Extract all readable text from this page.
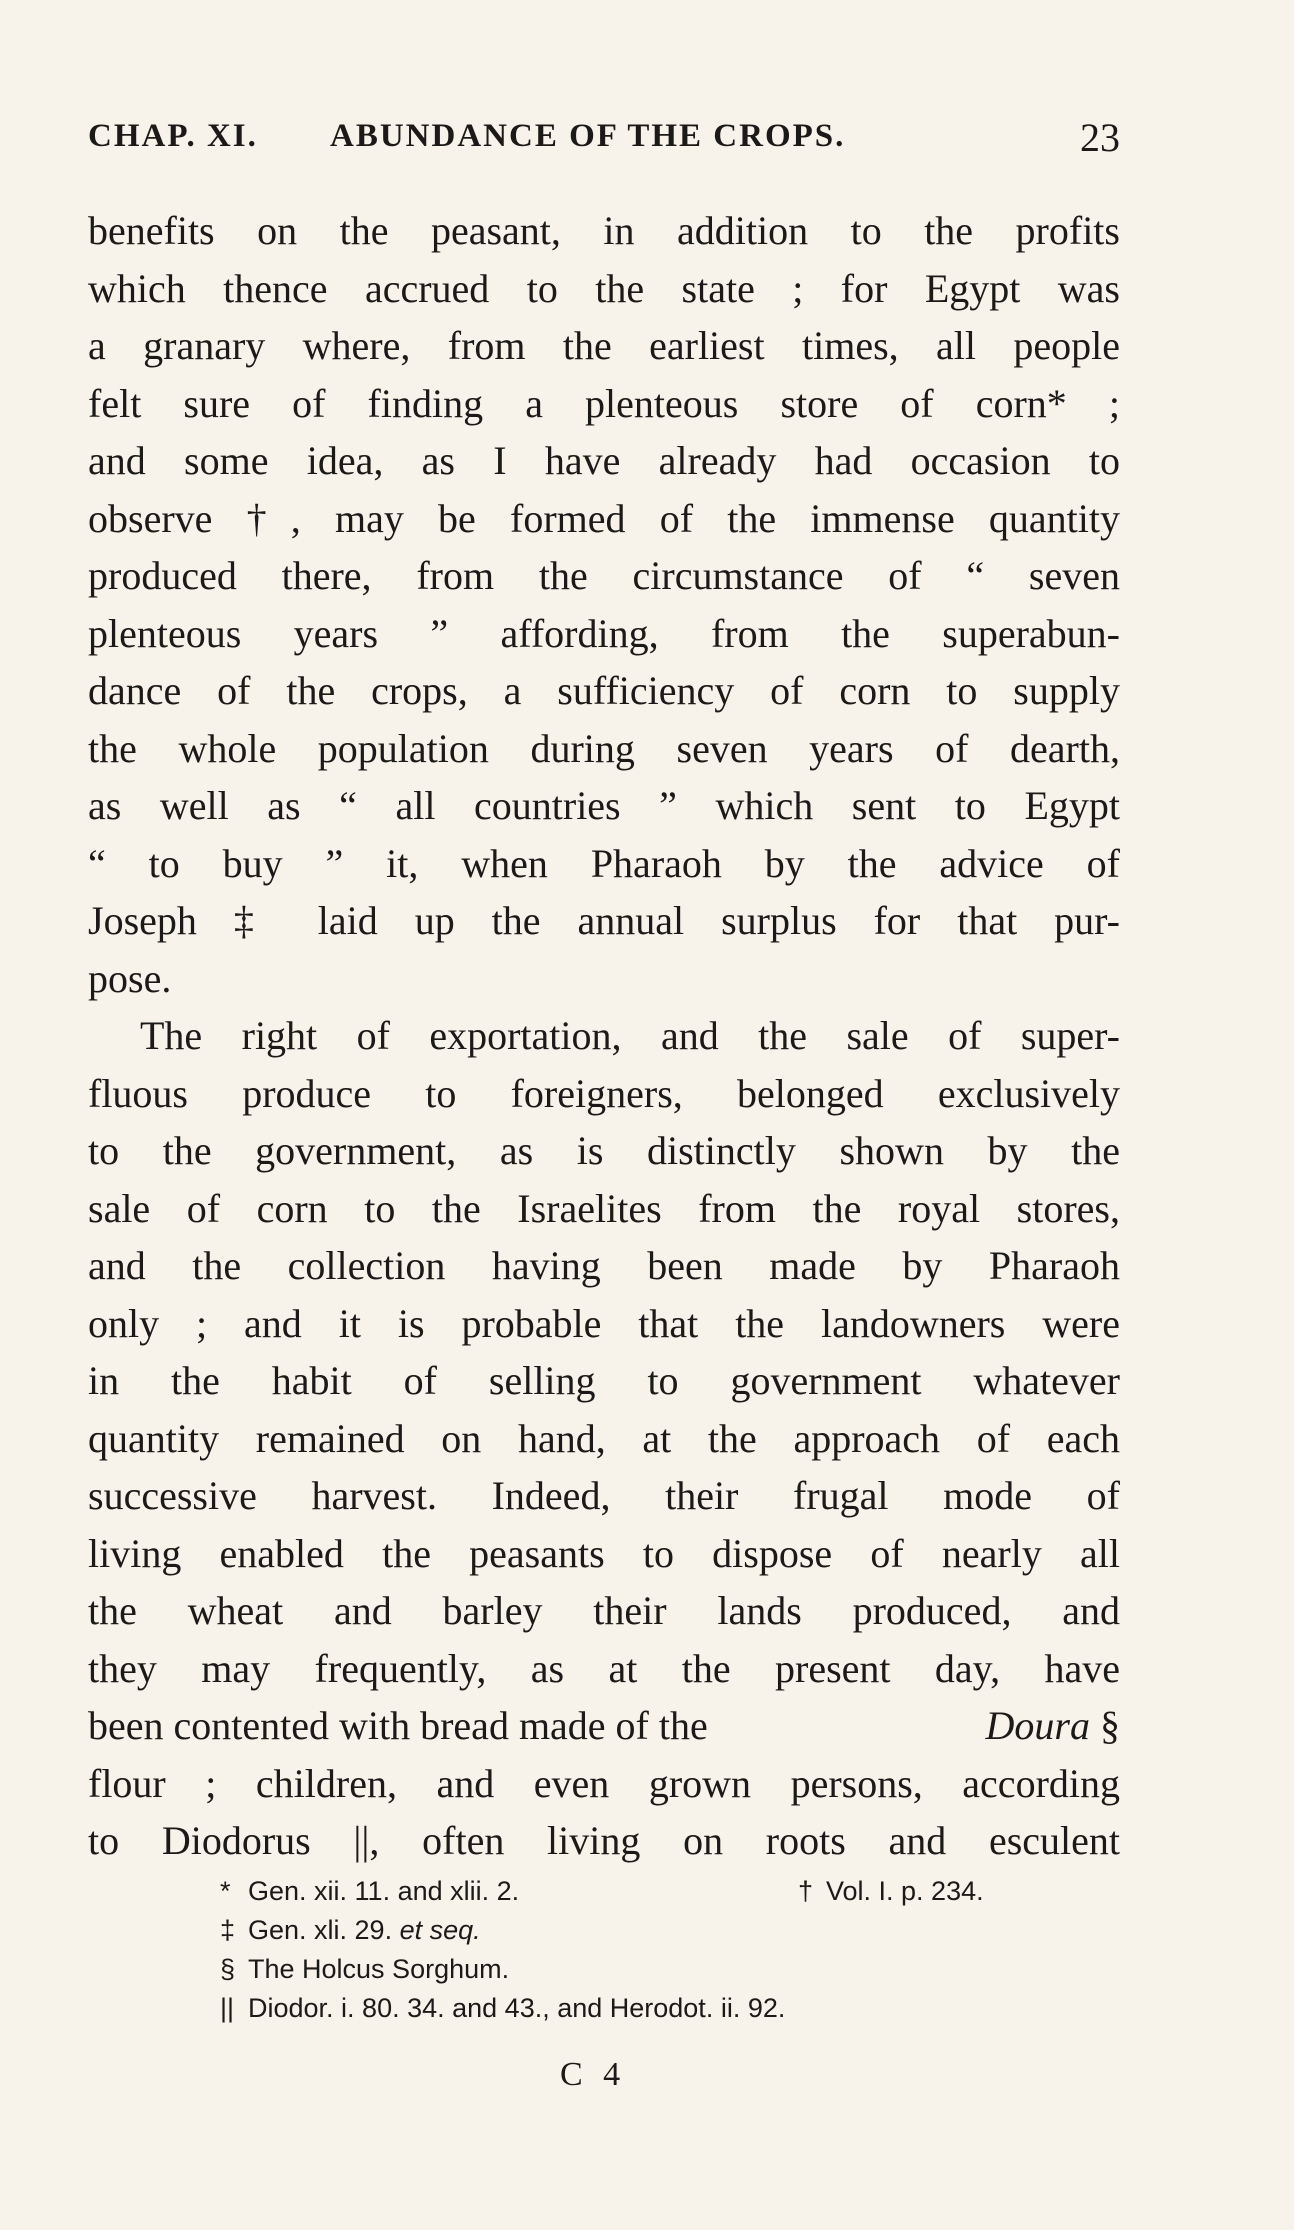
CHAP. XI. ABUNDANCE OF THE CROPS.	23
benefits on the peasant, in addition to the profits
which thence accrued to the state ; for Egypt was
a granary where, from the earliest times, all people
felt sure of finding a plenteous store of corn* ;
and some idea, as I have already had occasion to
observe †, may be formed of the immense quantity
produced there, from the circumstance of “ seven
plenteous years ” affording, from the superabun-
dance of the crops, a sufficiency of corn to supply
the whole population during seven years of dearth,
as well as “ all countries ” which sent to Egypt
“ to buy ” it, when Pharaoh by the advice of
Joseph ‡ laid up the annual surplus for that pur-
pose.
The right of exportation, and the sale of super-
fluous produce to foreigners, belonged exclusively
to the government, as is distinctly shown by the
sale of corn to the Israelites from the royal stores,
and the collection having been made by Pharaoh
only ; and it is probable that the landowners were
in the habit of selling to government whatever
quantity remained on hand, at the approach of each
successive harvest. Indeed, their frugal mode of
living enabled the peasants to dispose of nearly all
the wheat and barley their lands produced, and
they may frequently, as at the present day, have
been contented with bread made of the	Doura §
flour ; children, and even grown persons, according
to Diodorus ||, often living on roots and esculent
* Gen. xii. 11. and xlii. 2.	† Vol. I. p. 234.
‡ Gen. xli. 29. et seq.
§ The Holcus Sorghum.
|| Diodor. i. 80. 34. and 43., and Herodot. ii. 92.
C 4
